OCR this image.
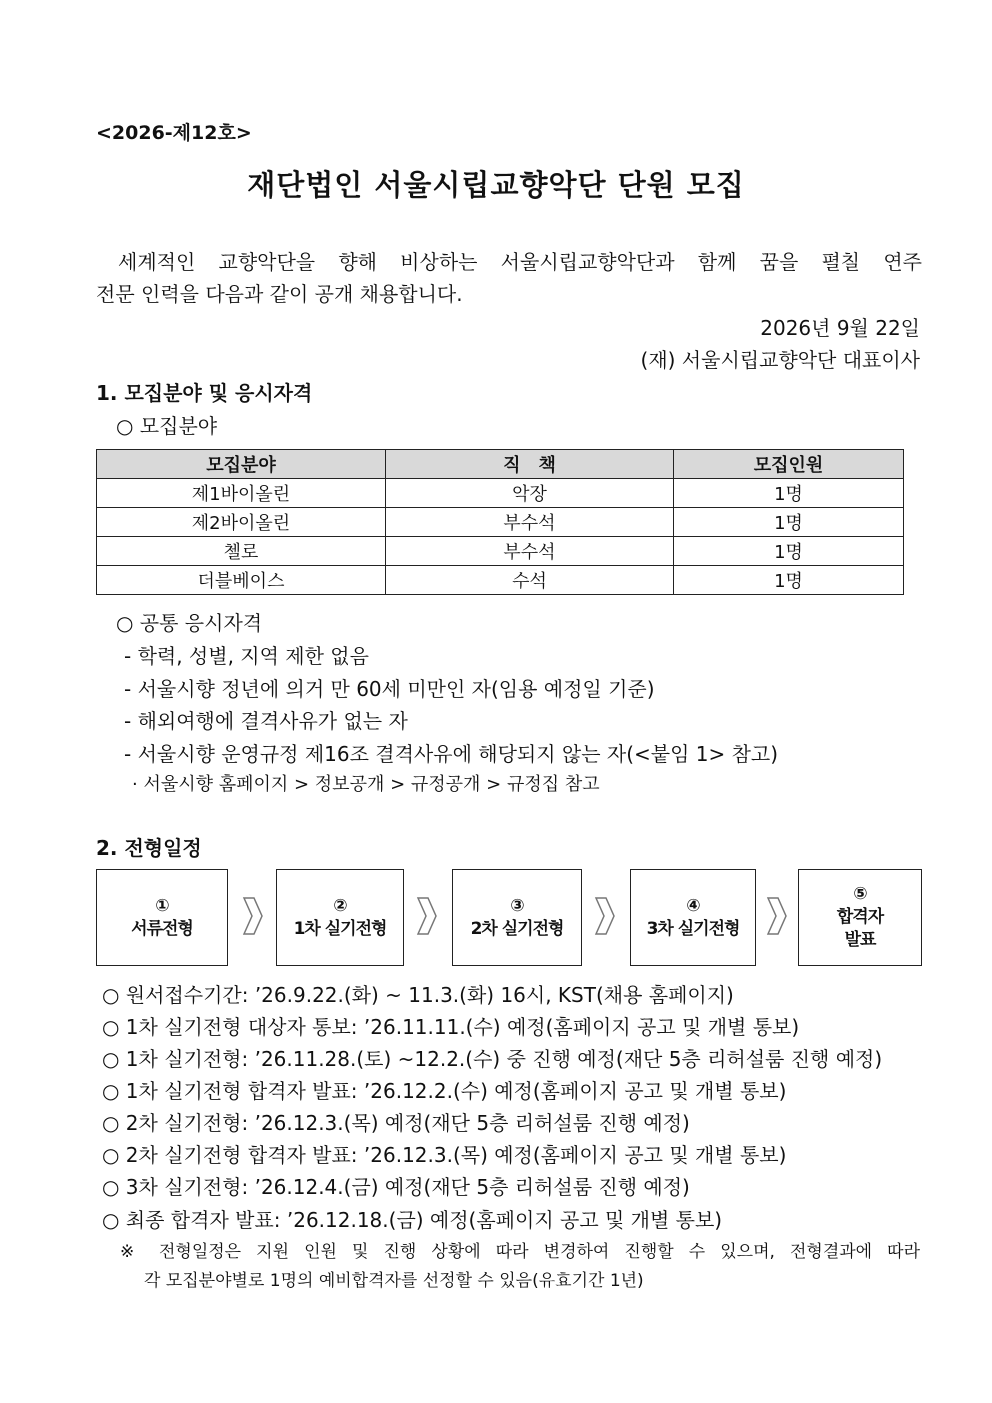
<2026-제12호>
재단법인 서울시립교향악단 단원 모집
세계적인 교향악단을 향해 비상하는 서울시립교향악단과 함께 꿈을 펼칠 연주
전문 인력을 다음과 같이 공개 채용합니다.
2026년 9월 22일
(재) 서울시립교향악단 대표이사
1. 모집분야 및 응시자격
○ 모집분야
모집분야	직　책	모집인원
제1바이올린	악장	1명
제2바이올린	부수석	1명
첼로	부수석	1명
더블베이스	수석	1명
○ 공통 응시자격
- 학력, 성별, 지역 제한 없음
- 서울시향 정년에 의거 만 60세 미만인 자(임용 예정일 기준)
- 해외여행에 결격사유가 없는 자
- 서울시향 운영규정 제16조 결격사유에 해당되지 않는 자(<붙임 1> 참고)
· 서울시향 홈페이지 > 정보공개 > 규정공개 > 규정집 참고
2. 전형일정
①
서류전형
②
1차 실기전형
③
2차 실기전형
④
3차 실기전형
⑤
합격자
발표
○ 원서접수기간: ’26.9.22.(화) ~ 11.3.(화) 16시, KST(채용 홈페이지)
○ 1차 실기전형 대상자 통보: ’26.11.11.(수) 예정(홈페이지 공고 및 개별 통보)
○ 1차 실기전형: ’26.11.28.(토) ~12.2.(수) 중 진행 예정(재단 5층 리허설룸 진행 예정)
○ 1차 실기전형 합격자 발표: ’26.12.2.(수) 예정(홈페이지 공고 및 개별 통보)
○ 2차 실기전형: ’26.12.3.(목) 예정(재단 5층 리허설룸 진행 예정)
○ 2차 실기전형 합격자 발표: ’26.12.3.(목) 예정(홈페이지 공고 및 개별 통보)
○ 3차 실기전형: ’26.12.4.(금) 예정(재단 5층 리허설룸 진행 예정)
○ 최종 합격자 발표: ’26.12.18.(금) 예정(홈페이지 공고 및 개별 통보)
※ 전형일정은 지원 인원 및 진행 상황에 따라 변경하여 진행할 수 있으며, 전형결과에 따라
각 모집분야별로 1명의 예비합격자를 선정할 수 있음(유효기간 1년)
